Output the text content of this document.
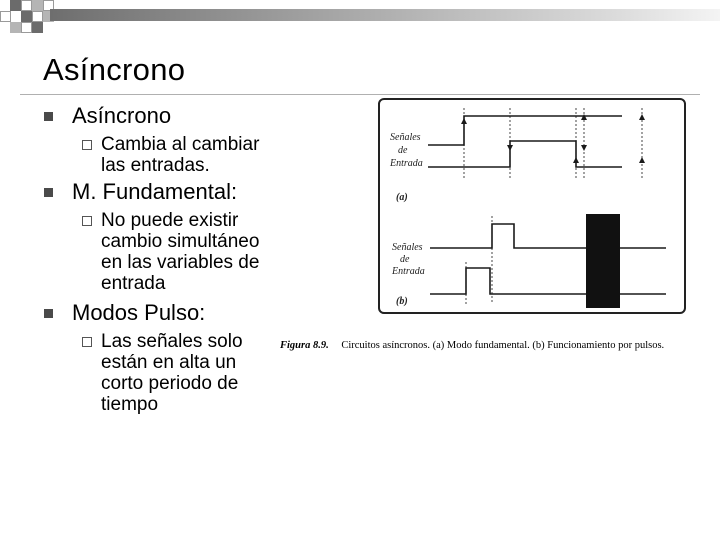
Asíncrono
Asíncrono
Cambia al cambiar
las entradas.
M. Fundamental:
No puede existir
cambio simultáneo
en las variables de
entrada
Modos Pulso:
Las señales solo
están en alta un
corto periodo de
tiempo
Señales de Entrada
(a)
Señales de Entrada
(b)
Figura 8.9. Circuitos asíncronos. (a) Modo fundamental. (b) Funcionamiento por pulsos.
